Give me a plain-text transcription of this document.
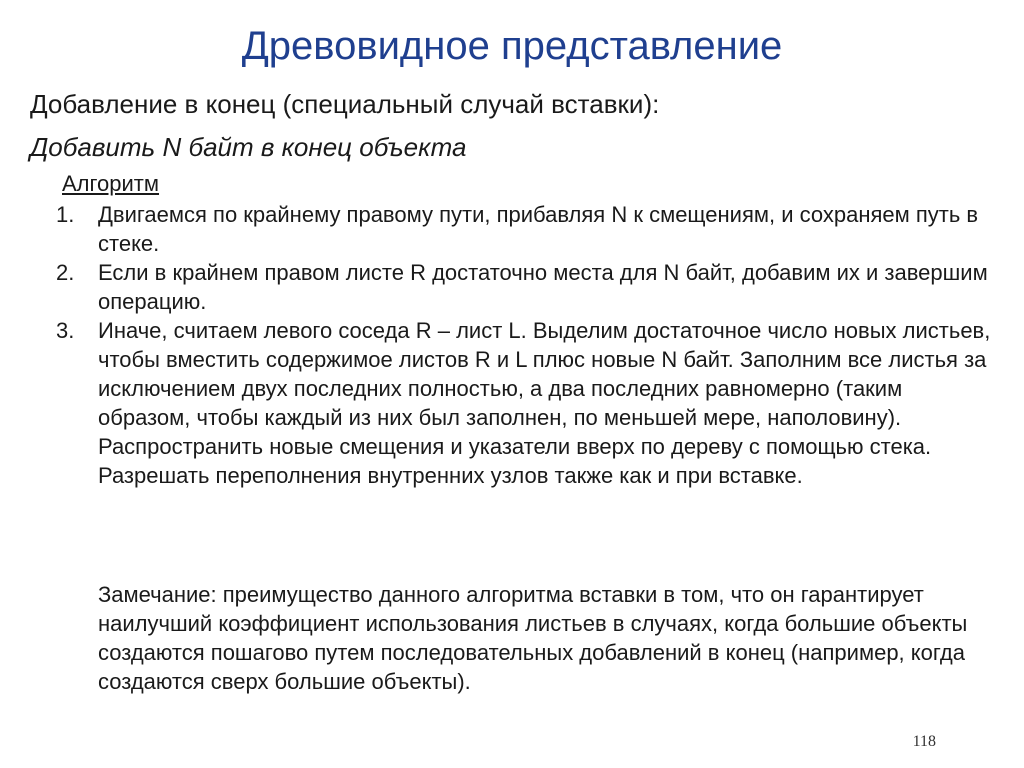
Древовидное представление
Добавление в конец (специальный случай вставки):
Добавить N байт в конец объекта
Алгоритм
1.	Двигаемся по крайнему правому пути, прибавляя N к смещениям, и сохраняем путь в стеке.
2.	Если в крайнем правом листе R достаточно места для N байт, добавим их и завершим операцию.
3.	Иначе, считаем левого соседа R – лист L. Выделим достаточное число новых листьев, чтобы вместить содержимое листов R и L плюс новые N байт. Заполним все листья за исключением двух последних полностью, а два последних равномерно (таким образом, чтобы каждый из них был заполнен, по меньшей мере, наполовину). Распространить новые смещения и указатели вверх по дереву с помощью стека. Разрешать переполнения внутренних узлов также как и при вставке.
Замечание: преимущество данного алгоритма вставки в том, что он гарантирует наилучший коэффициент использования листьев в случаях, когда большие объекты создаются пошагово путем последовательных добавлений в конец (например, когда создаются сверх большие объекты).
118
